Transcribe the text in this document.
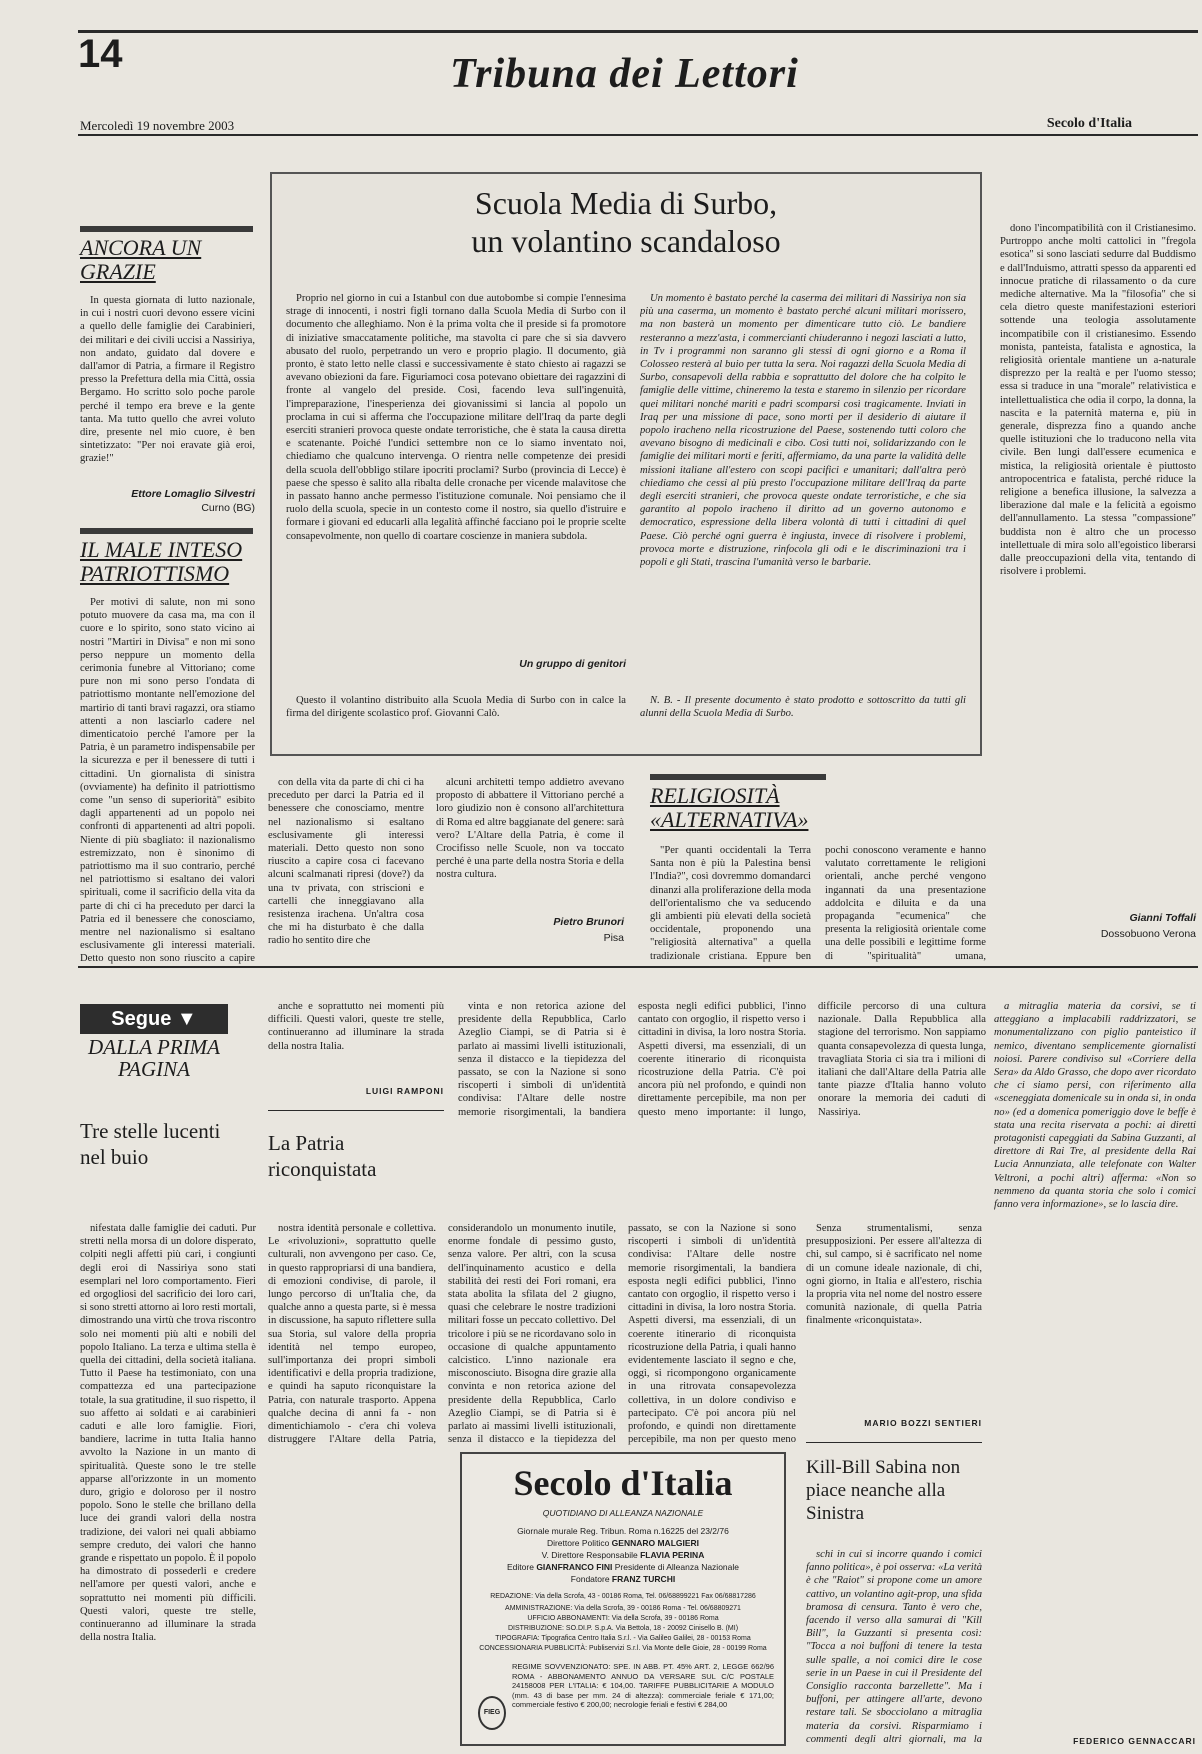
14	Tribuna dei Lettori
Mercoledì 19 novembre 2003	Secolo d'Italia
ANCORA UN GRAZIE

In questa giornata di lutto nazionale, in cui i nostri cuori devono essere vicini a quello delle famiglie dei Carabinieri, dei militari e dei civili uccisi a Nassiriya, non andato, guidato dal dovere e dall'amor di Patria, a firmare il Registro presso la Prefettura della mia Città, ossia Bergamo. Ho scritto solo poche parole perché il tempo era breve e la gente tanta. Ma tutto quello che avrei voluto dire, presente nel mio cuore, è ben sintetizzato: "Per noi eravate già eroi, grazie!"

Ettore Lomaglio Silvestri
Curno (BG)
IL MALE INTESO PATRIOTTISMO

Per motivi di salute, non mi sono potuto muovere da casa ma, ma con il cuore e lo spirito, sono stato vicino ai nostri "Martiri in Divisa" e non mi sono perso neppure un momento della cerimonia funebre al Vittoriano; come pure non mi sono perso l'ondata di patriottismo montante nell'emozione del martirio di tanti bravi ragazzi, ora stiamo attenti a non lasciarlo cadere nel dimenticatoio perché l'amore per la Patria, è un parametro indispensabile per la sicurezza e per il benessere di tutti i cittadini. Un giornalista di sinistra (ovviamente) ha definito il patriottismo come "un senso di superiorità" esibito dagli appartenenti ad un popolo nei confronti di appartenenti ad altri popoli. Niente di più sbagliato: il nazionalismo estremizzato, non è sinonimo di patriottismo ma il suo contrario, perché nel patriottismo si esaltano dei valori spirituali, come il sacrificio della vita da parte di chi ci ha preceduto per darci la Patria ed il benessere che conosciamo, mentre nel nazionalismo si esaltano esclusivamente gli interessi materiali. Detto questo non sono riuscito a capire

Scuola Media di Surbo,
un volantino scandaloso

Proprio nel giorno in cui a Istanbul con due autobombe si compie l'ennesima strage di innocenti, i nostri figli tornano dalla Scuola Media di Surbo con il documento che alleghiamo. Non è la prima volta che il preside si fa promotore di iniziative smaccatamente politiche, ma stavolta ci pare che si sia davvero abusato del ruolo, perpetrando un vero e proprio plagio. Il documento, già pronto, è stato letto nelle classi e successivamente è stato chiesto ai ragazzi se avevano obiezioni da fare. Figuriamoci cosa potevano obiettare dei ragazzini di fronte al vangelo del preside. Così, facendo leva sull'ingenuità, l'impreparazione, l'inesperienza dei giovanissimi si lancia al popolo un proclama in cui si afferma che l'occupazione militare dell'Iraq da parte degli eserciti stranieri provoca queste ondate terroristiche, che è stata la causa diretta e scatenante. Poiché l'undici settembre non ce lo siamo inventato noi, chiediamo che qualcuno intervenga. O rientra nelle competenze dei presidi della scuola dell'obbligo stilare ipocriti proclami? Surbo (provincia di Lecce) è paese che spesso è salito alla ribalta delle cronache per vicende malavitose che in passato hanno anche permesso l'istituzione comunale. Noi pensiamo che il ruolo della scuola, specie in un contesto come il nostro, sia quello d'istruire e formare i giovani ed educarli alla legalità affinché facciano poi le proprie scelte consapevolmente, non quello di coartare coscienze in maniera subdola.

Un gruppo di genitori

Questo il volantino distribuito alla Scuola Media di Surbo con in calce la firma del dirigente scolastico prof. Giovanni Calò.

Un momento è bastato perché la caserma dei militari di Nassiriya non sia più una caserma, un momento è bastato perché alcuni militari morissero, ma non basterà un momento per dimenticare tutto ciò. Le bandiere resteranno a mezz'asta, i commercianti chiuderanno i negozi lasciati a lutto, in Tv i programmi non saranno gli stessi di ogni giorno e a Roma il Colosseo resterà al buio per tutta la sera. Noi ragazzi della Scuola Media di Surbo, consapevoli della rabbia e soprattutto del dolore che ha colpito le famiglie delle vittime, chineremo la testa e staremo in silenzio per ricordare quei militari nonché mariti e padri scomparsi così tragicamente. Inviati in Iraq per una missione di pace, sono morti per il desiderio di aiutare il popolo iracheno nella ricostruzione del Paese, sostenendo tutti coloro che avevano bisogno di medicinali e cibo. Così tutti noi, solidarizzando con le famiglie dei militari morti e feriti, affermiamo, da una parte la validità delle missioni italiane all'estero con scopi pacifici e umanitari; dall'altra però chiediamo che cessi al più presto l'occupazione militare dell'Iraq da parte degli eserciti stranieri, che provoca queste ondate terroristiche, e che sia garantito al popolo iracheno il diritto ad un governo autonomo e democratico, espressione della libera volontà di tutti i cittadini di quel Paese. Ciò perché ogni guerra è ingiusta, invece di risolvere i problemi, provoca morte e distruzione, rinfocola gli odi e le discriminazioni tra i popoli e gli Stati, trascina l'umanità verso le barbarie.

N. B. - Il presente documento è stato prodotto e sottoscritto da tutti gli alunni della Scuola Media di Surbo.

con della vita da parte di chi ci ha preceduto per darci la Patria ed il benessere che conosciamo, mentre nel nazionalismo si esaltano esclusivamente gli interessi materiali. Detto questo non sono riuscito a capire cosa ci facevano alcuni scalmanati ripresi (dove?) da una tv privata, con striscioni e cartelli che inneggiavano alla resistenza irachena. Un'altra cosa che mi ha disturbato è che dalla radio ho sentito dire che

alcuni architetti tempo addietro avevano proposto di abbattere il Vittoriano perché a loro giudizio non è consono all'architettura di Roma ed altre baggianate del genere: sarà vero? L'Altare della Patria, è come il Crocifisso nelle Scuole, non va toccato perché è una parte della nostra Storia e della nostra cultura.

Pietro Brunori
Pisa
RELIGIOSITÀ «ALTERNATIVA»

"Per quanti occidentali la Terra Santa non è più la Palestina bensì l'India?", così dovremmo domandarci dinanzi alla proliferazione della moda dell'orientalismo che va seducendo gli ambienti più elevati della società occidentale, proponendo una "religiosità alternativa" a quella tradizionale cristiana. Eppure ben pochi conoscono veramente e hanno valutato correttamente le religioni orientali, anche perché vengono ingannati da una presentazione addolcita e diluita e da una propaganda "ecumenica" che presenta la religiosità orientale come una delle possibili e legittime forme di "spiritualità" umana,

dono l'incompatibilità con il Cristianesimo. Purtroppo anche molti cattolici in "fregola esotica" si sono lasciati sedurre dal Buddismo e dall'Induismo, attratti spesso da apparenti ed innocue pratiche di rilassamento o da cure mediche alternative. Ma la "filosofia" che si cela dietro queste manifestazioni esteriori sottende una teologia assolutamente incompatibile con il cristianesimo. Essendo monista, panteista, fatalista e agnostica, la religiosità orientale mantiene un a-naturale disprezzo per la realtà e per l'uomo stesso; essa si traduce in una "morale" relativistica e intellettualistica che odia il corpo, la donna, la nascita e la paternità materna e, più in generale, disprezza fino a quando anche quelle istituzioni che lo traducono nella vita civile. Ben lungi dall'essere ecumenica e mistica, la religiosità orientale è piuttosto antropocentrica e fatalista, perché riduce la religione a benefica illusione, la salvezza a liberazione dal male e la felicità a egoismo dell'annullamento. La stessa "compassione" buddista non è altro che un processo intellettuale di mira solo all'egoistico liberarsi dalle preoccupazioni della vita, tentando di risolvere i problemi.

Gianni Toffali
Dossobuono Verona
Segue ▼
DALLA PRIMA PAGINA
Tre stelle lucenti nel buio

nifestata dalle famiglie dei caduti. Pur stretti nella morsa di un dolore disperato, colpiti negli affetti più cari, i congiunti degli eroi di Nassiriya sono stati esemplari nel loro comportamento. Fieri ed orgogliosi del sacrificio dei loro cari, si sono stretti attorno ai loro resti mortali, dimostrando una virtù che trova riscontro solo nei momenti più alti e nobili del popolo Italiano. La terza e ultima stella è quella dei cittadini, della società italiana. Tutto il Paese ha testimoniato, con una compattezza ed una partecipazione totale, la sua gratitudine, il suo rispetto, il suo affetto ai soldati e ai carabinieri caduti e alle loro famiglie. Fiori, bandiere, lacrime in tutta Italia hanno avvolto la Nazione in un manto di spiritualità. Queste sono le tre stelle apparse all'orizzonte in un momento duro, grigio e doloroso per il nostro popolo. Sono le stelle che brillano della luce dei grandi valori della nostra tradizione, dei valori nei quali abbiamo sempre creduto, dei valori che hanno grande e rispettato un popolo. È il popolo ha dimostrato di possederli e credere nell'amore per questi valori, anche e soprattutto nei momenti più difficili. Questi valori, queste tre stelle, continueranno ad illuminare la strada della nostra Italia.

anche e soprattutto nei momenti più difficili. Questi valori, queste tre stelle, continueranno ad illuminare la strada della nostra Italia.

LUIGI RAMPONI
La Patria riconquistata

nostra identità personale e collettiva. Le «rivoluzioni», soprattutto quelle culturali, non avvengono per caso. Ce, in questo rappropriarsi di una bandiera, di emozioni condivise, di parole, il lungo percorso di un'Italia che, da qualche anno a questa parte, si è messa in discussione, ha saputo riflettere sulla sua Storia, sul valore della propria identità nel tempo europeo, sull'importanza dei propri simboli identificativi e della propria tradizione, e quindi ha saputo riconquistare la Patria, con naturale trasporto. Appena qualche decina di anni fa - non dimentichiamolo - c'era chi voleva distruggere l'Altare della Patria, considerandolo un monumento inutile, enorme fondale di pessimo gusto, senza valore. Per altri, con la scusa dell'inquinamento acustico e della stabilità dei resti dei Fori romani, era stata abolita la sfilata del 2 giugno, quasi che celebrare le nostre tradizioni militari fosse un peccato collettivo. Del tricolore i più se ne ricordavano solo in occasione di qualche appuntamento calcistico. L'inno nazionale era misconosciuto. Bisogna dire grazie alla convinta e non retorica azione del presidente della Repubblica, Carlo Azeglio Ciampi, se di Patria si è parlato ai massimi livelli istituzionali, senza il distacco e la tiepidezza del passato, se con la Nazione si sono riscoperti i simboli di un'identità condivisa: l'Altare delle nostre memorie risorgimentali, la bandiera esposta negli edifici pubblici, l'inno cantato con orgoglio, il rispetto verso i cittadini in divisa, la loro nostra Storia. Aspetti diversi, ma essenziali, di un coerente itinerario di riconquista ricostruzione della Patria, i quali hanno evidentemente lasciato il segno e che, oggi, si ricompongono organicamente in una ritrovata consapevolezza collettiva, in un dolore condiviso e partecipato. C'è poi ancora più nel profondo, e quindi non direttamente percepibile, ma non per questo meno

vinta e non retorica azione del presidente della Repubblica, Carlo Azeglio Ciampi, se di Patria si è parlato ai massimi livelli istituzionali, senza il distacco e la tiepidezza del passato, se con la Nazione si sono riscoperti i simboli di un'identità condivisa: l'Altare delle nostre memorie risorgimentali, la bandiera esposta negli edifici pubblici, l'inno cantato con orgoglio, il rispetto verso i cittadini in divisa, la loro nostra Storia. Aspetti diversi, ma essenziali, di un coerente itinerario di riconquista ricostruzione della Patria. C'è poi ancora più nel profondo, e quindi non direttamente percepibile, ma non per questo meno importante: il lungo, difficile percorso di una cultura nazionale. Dalla Repubblica alla stagione del terrorismo. Non sappiamo quanta consapevolezza di questa lunga, travagliata Storia ci sia tra i milioni di italiani che dall'Altare della Patria alle tante piazze d'Italia hanno voluto onorare la memoria dei caduti di Nassiriya.

Senza strumentalismi, senza presupposizioni. Per essere all'altezza di chi, sul campo, si è sacrificato nel nome di un comune ideale nazionale, di chi, ogni giorno, in Italia e all'estero, rischia la propria vita nel nome del nostro essere comunità nazionale, di quella Patria finalmente «riconquistata».

MARIO BOZZI SENTIERI
Kill-Bill Sabina non piace neanche alla Sinistra

schi in cui si incorre quando i comici fanno politica», è poi osserva: «La verità è che "Raiot" si propone come un amore cattivo, un volantino agit-prop, una sfida bramosa di censura. Tanto è vero che, facendo il verso alla samurai di "Kill Bill", la Guzzanti si presenta così: "Tocca a noi buffoni di tenere la testa sulle spalle, a noi comici dire le cose serie in un Paese in cui il Presidente del Consiglio racconta barzellette". Ma i buffoni, per attingere all'arte, devono restare tali. Se sbocciolano a mitraglia materia da corsivi. Risparmiamo i commenti degli altri giornali, ma la

a mitraglia materia da corsivi, se ti atteggiano a implacabili raddrizzatori, se monumentalizzano con piglio panteistico il nemico, diventano semplicemente giornalisti noiosi. Parere condiviso sul «Corriere della Sera» da Aldo Grasso, che dopo aver ricordato che ci siamo persi, con riferimento alla «sceneggiata domenicale su in onda si, in onda no» (ed a domenica pomeriggio dove le beffe è stata una recita riservata a pochi: ai diretti protagonisti capeggiati da Sabina Guzzanti, al direttore di Rai Tre, al presidente della Rai Lucia Annunziata, alle telefonate con Walter Veltroni, a pochi altri) afferma: «Non so nemmeno da quanta storia che solo i comici fanno vera informazione», se lo lascia dire.

FEDERICO GENNACCARI
Secolo d'Italia
QUOTIDIANO DI ALLEANZA NAZIONALE
Giornale murale Reg. Tribun. Roma n.16225 del 23/2/76
Direttore Politico GENNARO MALGIERI
V. Direttore Responsabile FLAVIA PERINA
Editore GIANFRANCO FINI Presidente di Alleanza Nazionale
Fondatore FRANZ TURCHI
REDAZIONE: Via della Scrofa, 43 - 00186 Roma, Tel. 06/68899221 Fax 06/68817286
AMMINISTRAZIONE: Via della Scrofa, 39 - 00186 Roma - Tel. 06/68809271
UFFICIO ABBONAMENTI: Via della Scrofa, 39 - 00186 Roma
DISTRIBUZIONE: SO.DI.P. S.p.A. Via Bettola, 18 - 20092 Cinisello B. (MI)
TIPOGRAFIA: Tipografica Centro Italia S.r.l. - Via Galileo Galilei, 28 - 00153 Roma
CONCESSIONARIA PUBBLICITÀ: Publiservizi S.r.l. Via Monte delle Gioie, 28 - 00199 Roma
REGIME SOVVENZIONATO: SPE. IN ABB. PT. 45% ART. 2, LEGGE 662/96 ROMA - ABBONAMENTO ANNUO DA VERSARE SUL C/C POSTALE 24158008 PER L'ITALIA: € 104,00. TARIFFE PUBBLICITARIE A MODULO (mm. 43 di base per mm. 24 di altezza): commerciale feriale € 171,00; commerciale festivo € 200,00; necrologie feriali e festivi € 284,00
FIEG
